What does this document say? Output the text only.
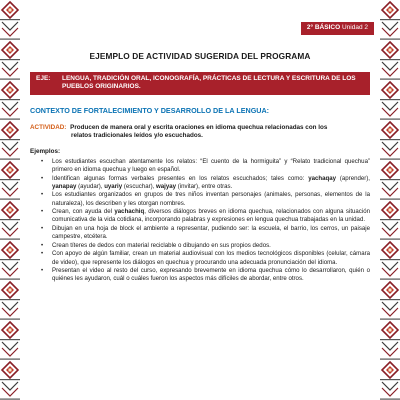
2° BÁSICO Unidad 2
EJEMPLO DE ACTIVIDAD SUGERIDA DEL PROGRAMA
EJE:	LENGUA, TRADICIÓN ORAL, ICONOGRAFÍA, PRÁCTICAS DE LECTURA Y ESCRITURA DE LOS PUEBLOS ORIGINARIOS.
CONTEXTO DE FORTALECIMIENTO Y DESARROLLO DE LA LENGUA:
ACTIVIDAD: Producen de manera oral y escrita oraciones en idioma quechua relacionadas con los
relatos tradicionales leídos y/o escuchados.
Ejemplos:
• Los estudiantes escuchan atentamente los relatos: “El cuento de la hormiguita” y “Relato tradicional quechua” primero en idioma quechua y luego en español.
• Identifican algunas formas verbales presentes en los relatos escuchados; tales como: yachaqay (aprender), yanapay (ayudar), uyariy (escuchar), wajyay (invitar), entre otras.
• Los estudiantes organizados en grupos de tres niños inventan personajes (animales, personas, elementos de la naturaleza), los describen y les otorgan nombres.
• Crean, con ayuda del yachachiq, diversos diálogos breves en idioma quechua, relacionados con alguna situación comunicativa de la vida cotidiana, incorporando palabras y expresiones en lengua quechua trabajadas en la unidad.
• Dibujan en una hoja de block el ambiente a representar, pudiendo ser: la escuela, el barrio, los cerros, un paisaje campestre, etcétera.
• Crean títeres de dedos con material reciclable o dibujando en sus propios dedos.
• Con apoyo de algún familiar, crean un material audiovisual con los medios tecnológicos disponibles (celular, cámara de video), que represente los diálogos en quechua y procurando una adecuada pronunciación del idioma.
• Presentan el video al resto del curso, expresando brevemente en idioma quechua cómo lo desarrollaron, quién o quiénes les ayudaron, cuál o cuáles fueron los aspectos más difíciles de abordar, entre otros.
